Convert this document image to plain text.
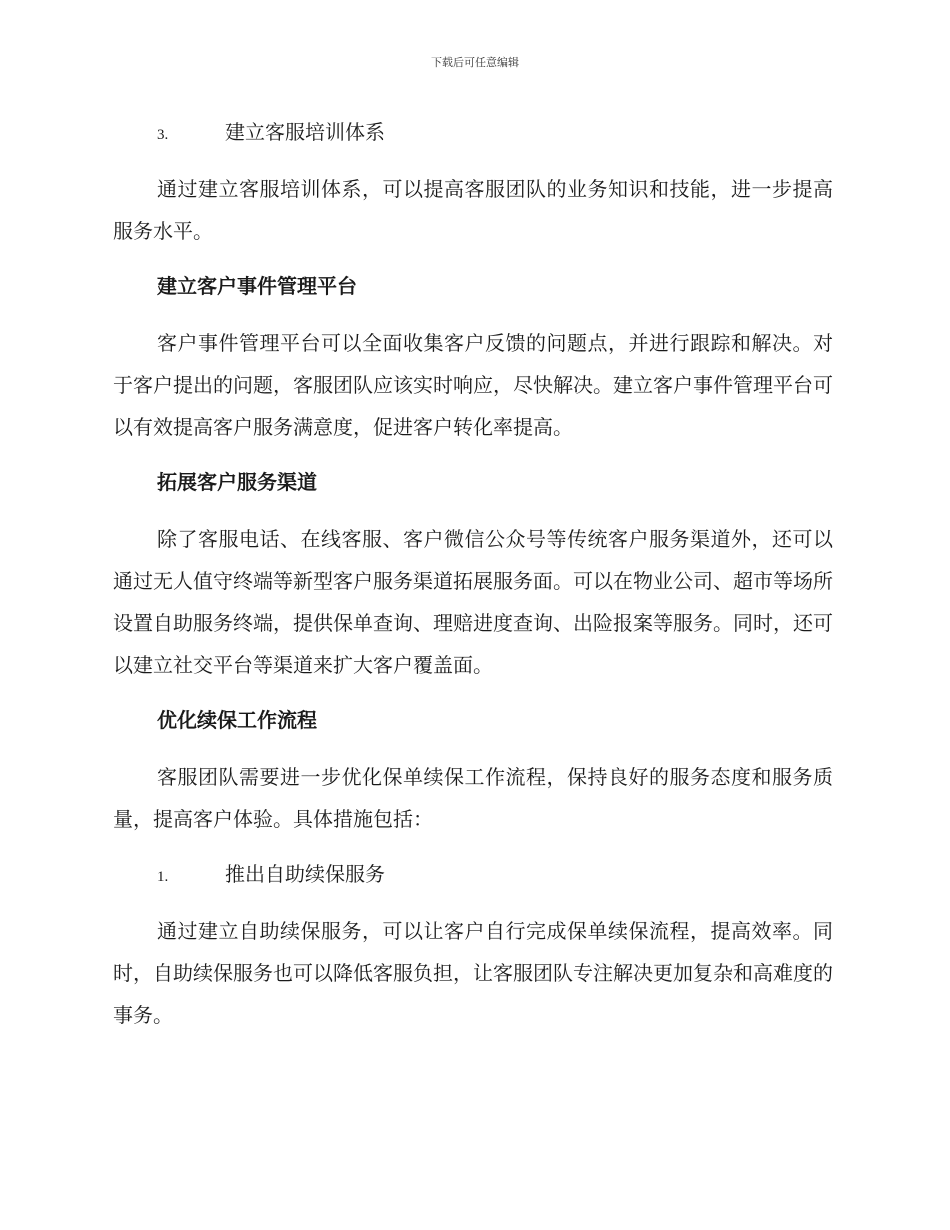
下载后可任意编辑
3.	建立客服培训体系

通过建立客服培训体系，可以提高客服团队的业务知识和技能，进一步提高服务水平。

建立客户事件管理平台

客户事件管理平台可以全面收集客户反馈的问题点，并进行跟踪和解决。对于客户提出的问题，客服团队应该实时响应，尽快解决。建立客户事件管理平台可以有效提高客户服务满意度，促进客户转化率提高。

拓展客户服务渠道

除了客服电话、在线客服、客户微信公众号等传统客户服务渠道外，还可以通过无人值守终端等新型客户服务渠道拓展服务面。可以在物业公司、超市等场所设置自助服务终端，提供保单查询、理赔进度查询、出险报案等服务。同时，还可以建立社交平台等渠道来扩大客户覆盖面。

优化续保工作流程

客服团队需要进一步优化保单续保工作流程，保持良好的服务态度和服务质量，提高客户体验。具体措施包括：

1.	推出自助续保服务

通过建立自助续保服务，可以让客户自行完成保单续保流程，提高效率。同时，自助续保服务也可以降低客服负担，让客服团队专注解决更加复杂和高难度的事务。
